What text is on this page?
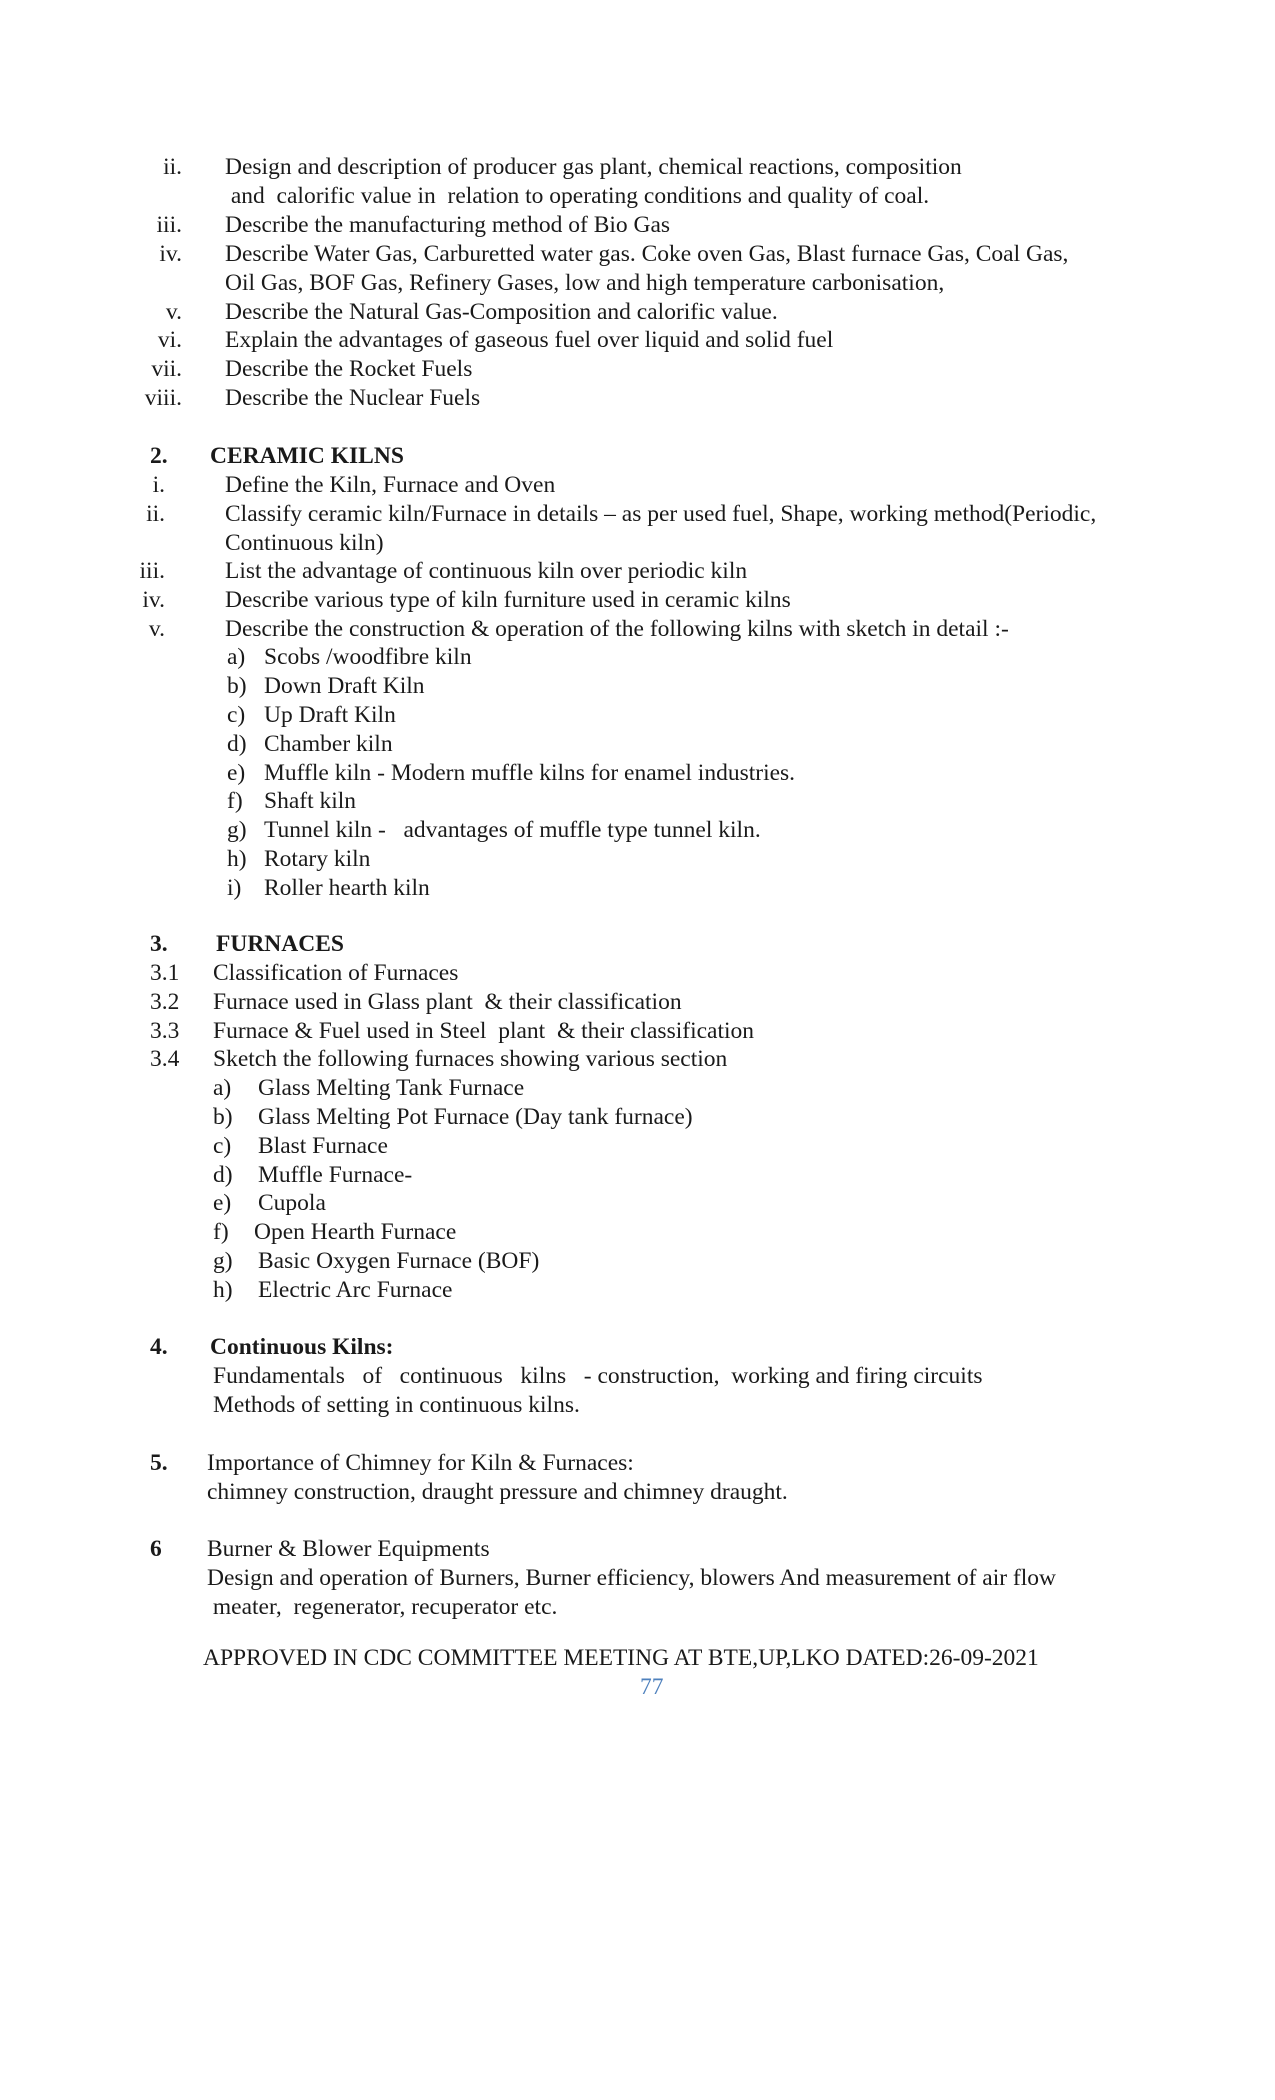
ii. Design and description of producer gas plant, chemical reactions, composition
and  calorific value in  relation to operating conditions and quality of coal.
iii. Describe the manufacturing method of Bio Gas
iv. Describe Water Gas, Carburetted water gas. Coke oven Gas, Blast furnace Gas, Coal Gas,
Oil Gas, BOF Gas, Refinery Gases, low and high temperature carbonisation,
v. Describe the Natural Gas-Composition and calorific value.
vi. Explain the advantages of gaseous fuel over liquid and solid fuel
vii. Describe the Rocket Fuels
viii. Describe the Nuclear Fuels
2. CERAMIC KILNS
i.	Define the Kiln, Furnace and Oven
ii.	Classify ceramic kiln/Furnace in details – as per used fuel, Shape, working method(Periodic,
Continuous kiln)
iii.	List the advantage of continuous kiln over periodic kiln
iv.	Describe various type of kiln furniture used in ceramic kilns
v.	Describe the construction & operation of the following kilns with sketch in detail :-
a) Scobs /woodfibre kiln
b) Down Draft Kiln
c) Up Draft Kiln
d) Chamber kiln
e) Muffle kiln - Modern muffle kilns for enamel industries.
f) Shaft kiln
g) Tunnel kiln -   advantages of muffle type tunnel kiln.
h) Rotary kiln
i) Roller hearth kiln
3. FURNACES
3.1 Classification of Furnaces
3.2 Furnace used in Glass plant  & their classification
3.3 Furnace & Fuel used in Steel  plant  & their classification
3.4 Sketch the following furnaces showing various section
a) Glass Melting Tank Furnace
b) Glass Melting Pot Furnace (Day tank furnace)
c) Blast Furnace
d) Muffle Furnace-
e) Cupola
f) Open Hearth Furnace
g) Basic Oxygen Furnace (BOF)
h) Electric Arc Furnace
4. Continuous Kilns:
Fundamentals   of   continuous   kilns   - construction,  working and firing circuits
Methods of setting in continuous kilns.
5. Importance of Chimney for Kiln & Furnaces:
chimney construction, draught pressure and chimney draught.
6 Burner & Blower Equipments
Design and operation of Burners, Burner efficiency, blowers And measurement of air flow
meater,  regenerator, recuperator etc.
APPROVED IN CDC COMMITTEE MEETING AT BTE,UP,LKO DATED:26-09-2021
77
